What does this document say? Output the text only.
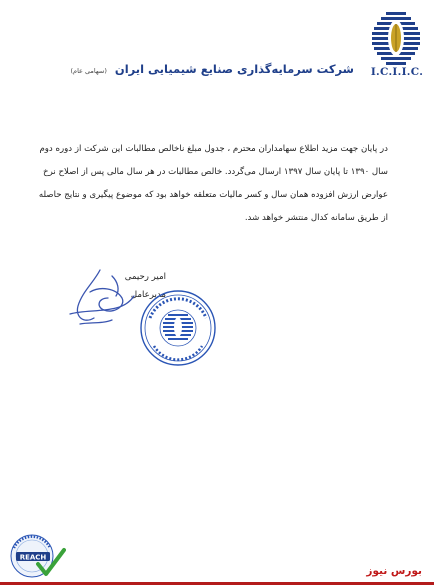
I.C.I.I.C.
شرکت سرمایه‌گذاری صنایع شیمیایی ایران (سهامی عام)
در پایان جهت مزید اطلاع سهامداران محترم ، جدول مبلغ ناخالص مطالبات این شرکت از دوره دوم سال ۱۳۹۰ تا پایان سال ۱۳۹۷ ارسال می‌گردد. خالص مطالبات در هر سال مالی پس از اصلاح نرخ عوارض ارزش افزوده همان سال و کسر مالیات متعلقه خواهد بود که موضوع پیگیری و نتایج حاصله از طریق سامانه کدال منتشر خواهد شد.
امیر رحیمی
مدیرعامل
REACH
بورس نیوز
